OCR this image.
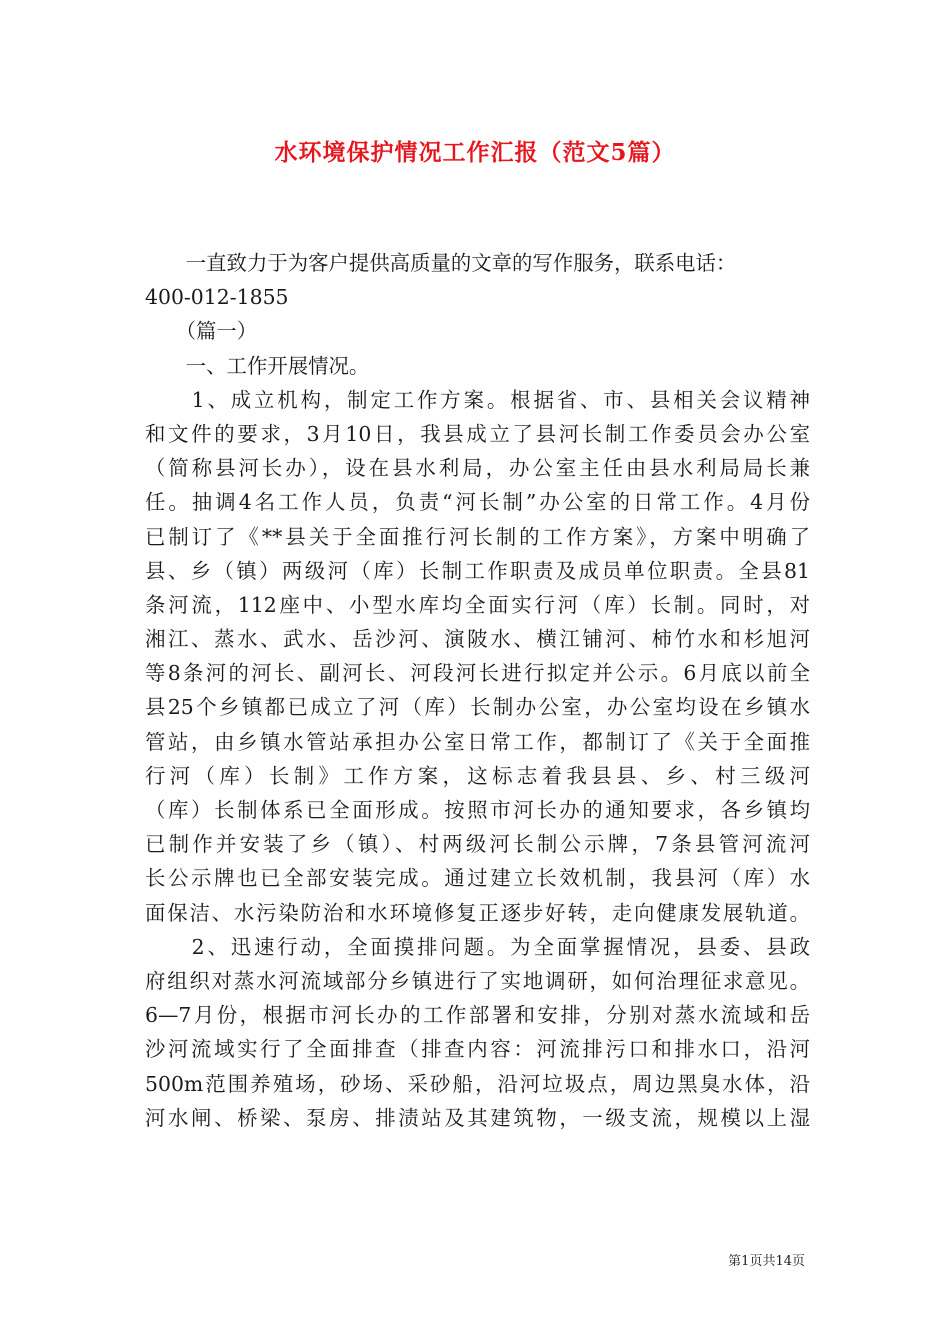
水环境保护情况工作汇报（范文5篇）
　　一直致力于为客户提供高质量的文章的写作服务，联系电话：
400-012-1855
　　（篇一）
　　一、工作开展情况。
　　1、成立机构，制定工作方案。根据省、市、县相关会议精神
和文件的要求，3月10日，我县成立了县河长制工作委员会办公室
（简称县河长办），设在县水利局，办公室主任由县水利局局长兼
任。抽调4名工作人员，负责“河长制”办公室的日常工作。4月份
已制订了《**县关于全面推行河长制的工作方案》，方案中明确了
县、乡（镇）两级河（库）长制工作职责及成员单位职责。全县81
条河流，112座中、小型水库均全面实行河（库）长制。同时，对
湘江、蒸水、武水、岳沙河、演陂水、横江铺河、柿竹水和杉旭河
等8条河的河长、副河长、河段河长进行拟定并公示。6月底以前全
县25个乡镇都已成立了河（库）长制办公室，办公室均设在乡镇水
管站，由乡镇水管站承担办公室日常工作，都制订了《关于全面推
行河（库）长制》工作方案，这标志着我县县、乡、村三级河
（库）长制体系已全面形成。按照市河长办的通知要求，各乡镇均
已制作并安装了乡（镇）、村两级河长制公示牌，7条县管河流河
长公示牌也已全部安装完成。通过建立长效机制，我县河（库）水
面保洁、水污染防治和水环境修复正逐步好转，走向健康发展轨道。
　　2、迅速行动，全面摸排问题。为全面掌握情况，县委、县政
府组织对蒸水河流域部分乡镇进行了实地调研，如何治理征求意见。
6—7月份，根据市河长办的工作部署和安排，分别对蒸水流域和岳
沙河流域实行了全面排查（排查内容：河流排污口和排水口，沿河
500m范围养殖场，砂场、采砂船，沿河垃圾点，周边黑臭水体，沿
河水闸、桥梁、泵房、排渍站及其建筑物，一级支流，规模以上湿
第1页共14页
